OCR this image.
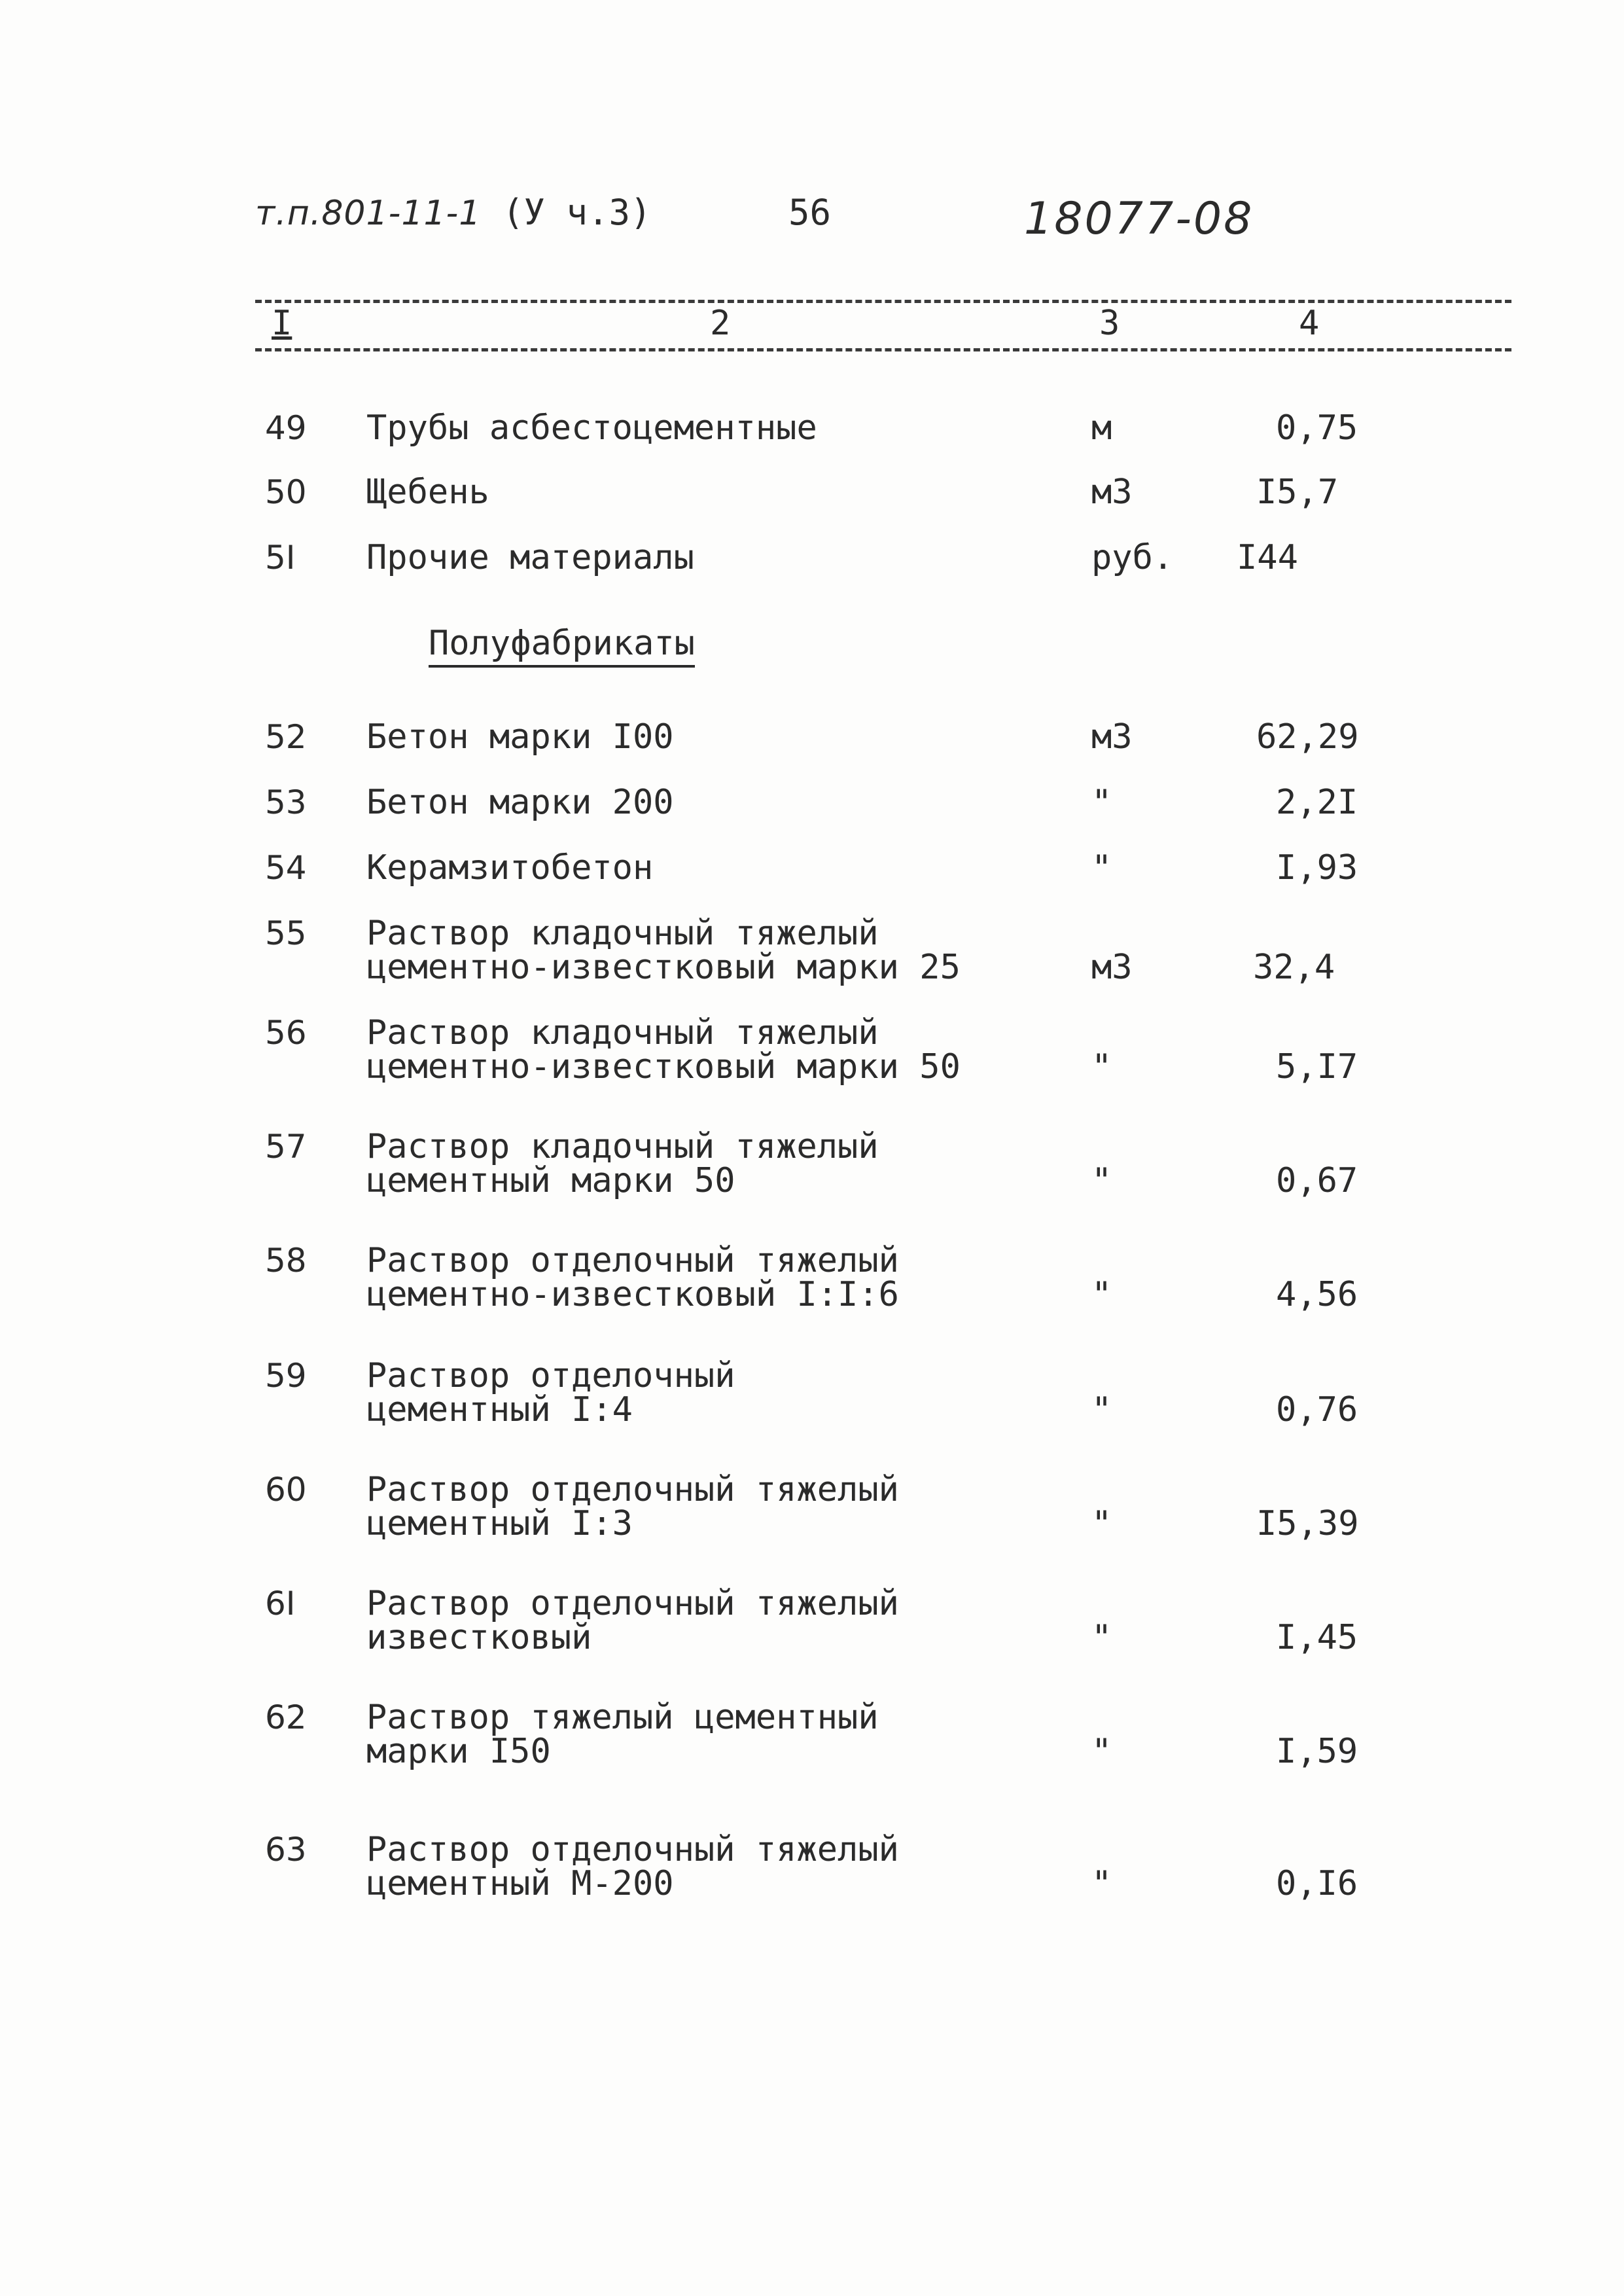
т.п.801-11-1 (У ч.3)	56	18077-08
I	2	3	4
49	Трубы асбестоцементные	м	0,75
50	Щебень	м3	I5,7
5I	Прочие материалы	руб.	I44
Полуфабрикаты
52	Бетон марки I00	м3	62,29
53	Бетон марки 200	"	2,2I
54	Керамзитобетон	"	I,93
55	Раствор кладочный тяжелый
цементно-известковый марки 25	м3	32,4
56	Раствор кладочный тяжелый
цементно-известковый марки 50	"	5,I7
57	Раствор кладочный тяжелый
цементный марки 50	"	0,67
58	Раствор отделочный тяжелый
цементно-известковый I:I:6	"	4,56
59	Раствор отделочный
цементный I:4	"	0,76
60	Раствор отделочный тяжелый
цементный I:3	"	I5,39
6I	Раствор отделочный тяжелый
известковый	"	I,45
62	Раствор тяжелый цементный
марки I50	"	I,59
63	Раствор отделочный тяжелый
цементный М-200	"	0,I6
